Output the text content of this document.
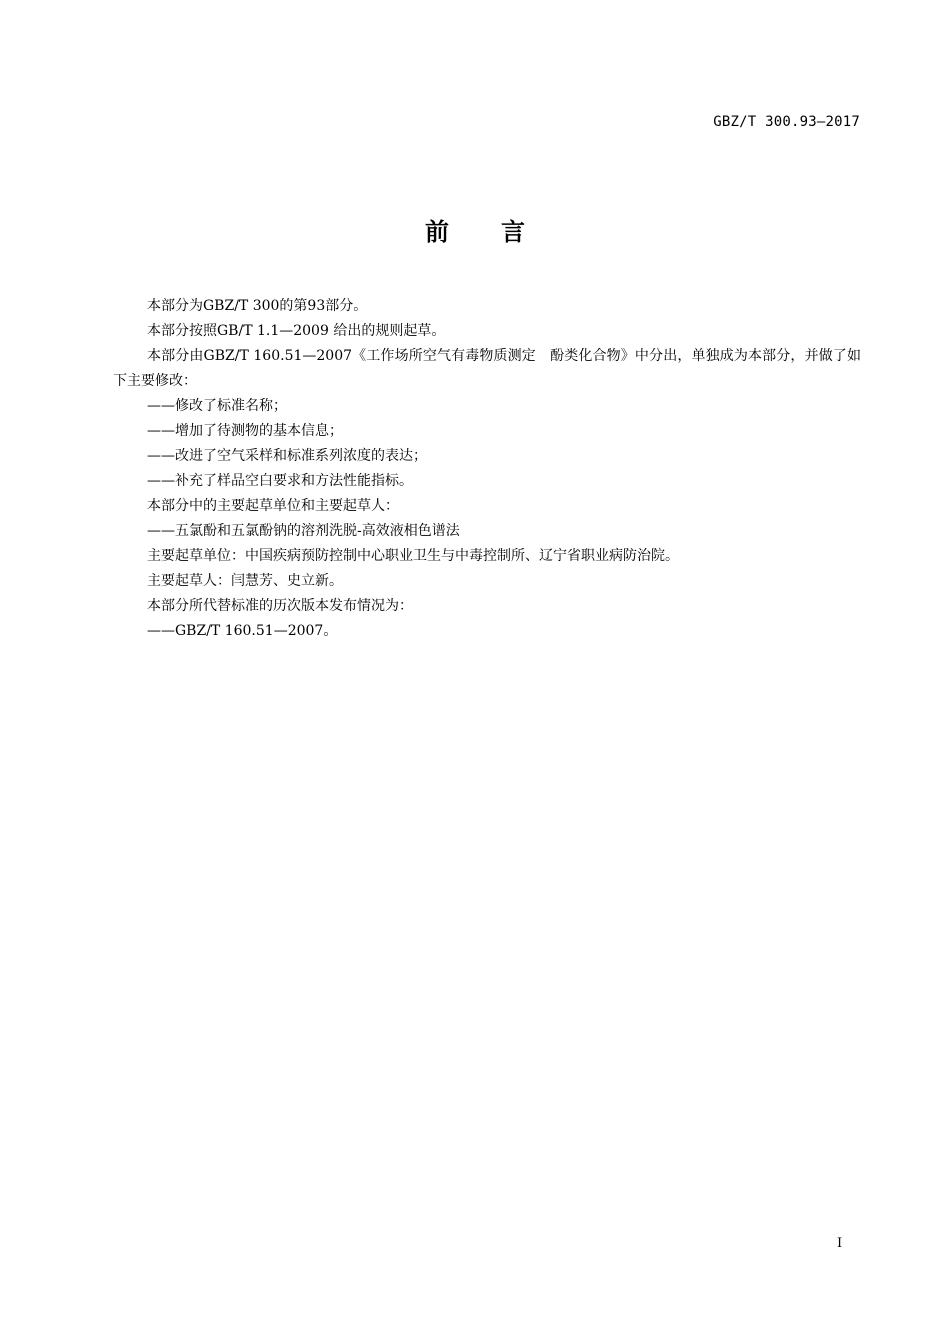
GBZ/T 300.93—2017
前言

本部分为GBZ/T 300的第93部分。

本部分按照GB/T 1.1—2009 给出的规则起草。

本部分由GBZ/T 160.51—2007《工作场所空气有毒物质测定　酚类化合物》中分出，单独成为本部分，并做了如下主要修改：

——修改了标准名称；

——增加了待测物的基本信息；

——改进了空气采样和标准系列浓度的表达；

——补充了样品空白要求和方法性能指标。

本部分中的主要起草单位和主要起草人：

——五氯酚和五氯酚钠的溶剂洗脱-高效液相色谱法

主要起草单位：中国疾病预防控制中心职业卫生与中毒控制所、辽宁省职业病防治院。

主要起草人：闫慧芳、史立新。

本部分所代替标准的历次版本发布情况为：

——GBZ/T 160.51—2007。

I
